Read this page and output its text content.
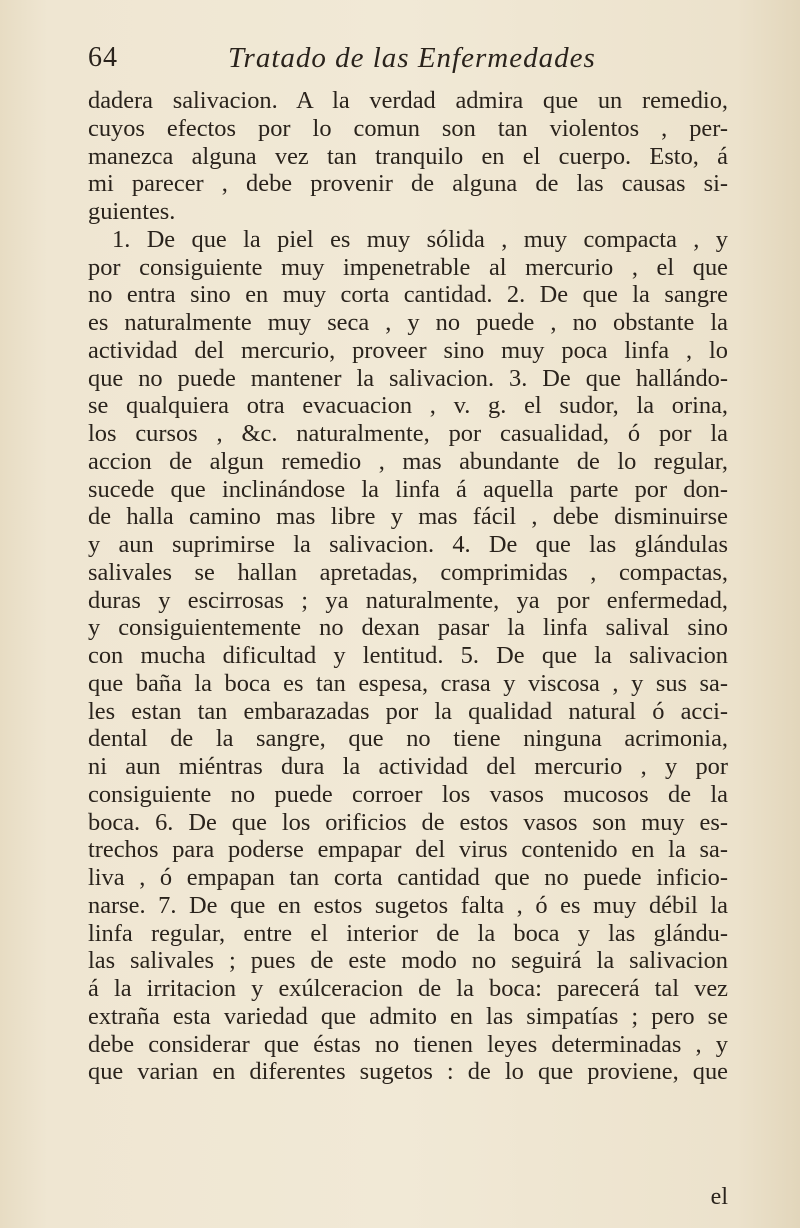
64	Tratado de las Enfermedades
dadera salivacion. A la verdad admira que un remedio,
cuyos efectos por lo comun son tan violentos , per-
manezca alguna vez tan tranquilo en el cuerpo. Esto, á
mi parecer , debe provenir de alguna de las causas si-
guientes.
1. De que la piel es muy sólida , muy compacta , y
por consiguiente muy impenetrable al mercurio , el que
no entra sino en muy corta cantidad. 2. De que la sangre
es naturalmente muy seca , y no puede , no obstante la
actividad del mercurio, proveer sino muy poca linfa , lo
que no puede mantener la salivacion. 3. De que hallándo-
se qualquiera otra evacuacion , v. g. el sudor, la orina,
los cursos , &c. naturalmente, por casualidad, ó por la
accion de algun remedio , mas abundante de lo regular,
sucede que inclinándose la linfa á aquella parte por don-
de halla camino mas libre y mas fácil , debe disminuirse
y aun suprimirse la salivacion. 4. De que las glándulas
salivales se hallan apretadas, comprimidas , compactas,
duras y escirrosas ; ya naturalmente, ya por enfermedad,
y consiguientemente no dexan pasar la linfa salival sino
con mucha dificultad y lentitud. 5. De que la salivacion
que baña la boca es tan espesa, crasa y viscosa , y sus sa-
les estan tan embarazadas por la qualidad natural ó acci-
dental de la sangre, que no tiene ninguna acrimonia,
ni aun miéntras dura la actividad del mercurio , y por
consiguiente no puede corroer los vasos mucosos de la
boca. 6. De que los orificios de estos vasos son muy es-
trechos para poderse empapar del virus contenido en la sa-
liva , ó empapan tan corta cantidad que no puede inficio-
narse. 7. De que en estos sugetos falta , ó es muy débil la
linfa regular, entre el interior de la boca y las glándu-
las salivales ; pues de este modo no seguirá la salivacion
á la irritacion y exúlceracion de la boca: parecerá tal vez
extraña esta variedad que admito en las simpatías ; pero se
debe considerar que éstas no tienen leyes determinadas , y
que varian en diferentes sugetos : de lo que proviene, que
el
